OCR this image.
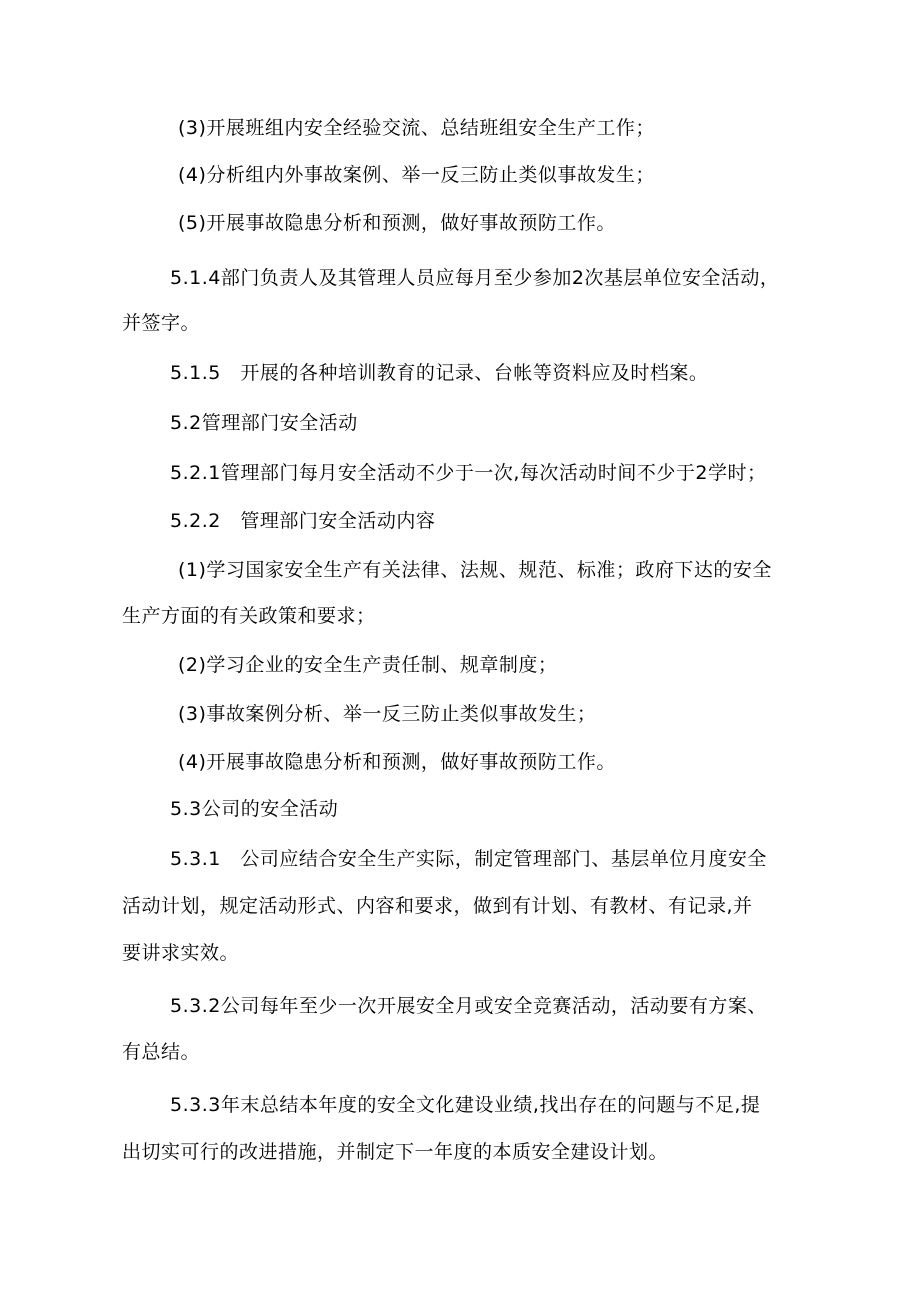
(3)开展班组内安全经验交流、总结班组安全生产工作；
(4)分析组内外事故案例、举一反三防止类似事故发生；
(5)开展事故隐患分析和预测，做好事故预防工作。
5.1.4部门负责人及其管理人员应每月至少参加2次基层单位安全活动，
并签字。
5.1.5　开展的各种培训教育的记录、台帐等资料应及时档案。
5.2管理部门安全活动
5.2.1管理部门每月安全活动不少于一次,每次活动时间不少于2学时；
5.2.2　管理部门安全活动内容
(1)学习国家安全生产有关法律、法规、规范、标准；政府下达的安全
生产方面的有关政策和要求；
(2)学习企业的安全生产责任制、规章制度；
(3)事故案例分析、举一反三防止类似事故发生；
(4)开展事故隐患分析和预测，做好事故预防工作。
5.3公司的安全活动
5.3.1　公司应结合安全生产实际，制定管理部门、基层单位月度安全
活动计划，规定活动形式、内容和要求，做到有计划、有教材、有记录,并
要讲求实效。
5.3.2公司每年至少一次开展安全月或安全竞赛活动，活动要有方案、
有总结。
5.3.3年末总结本年度的安全文化建设业绩,找出存在的问题与不足,提
出切实可行的改进措施，并制定下一年度的本质安全建设计划。
